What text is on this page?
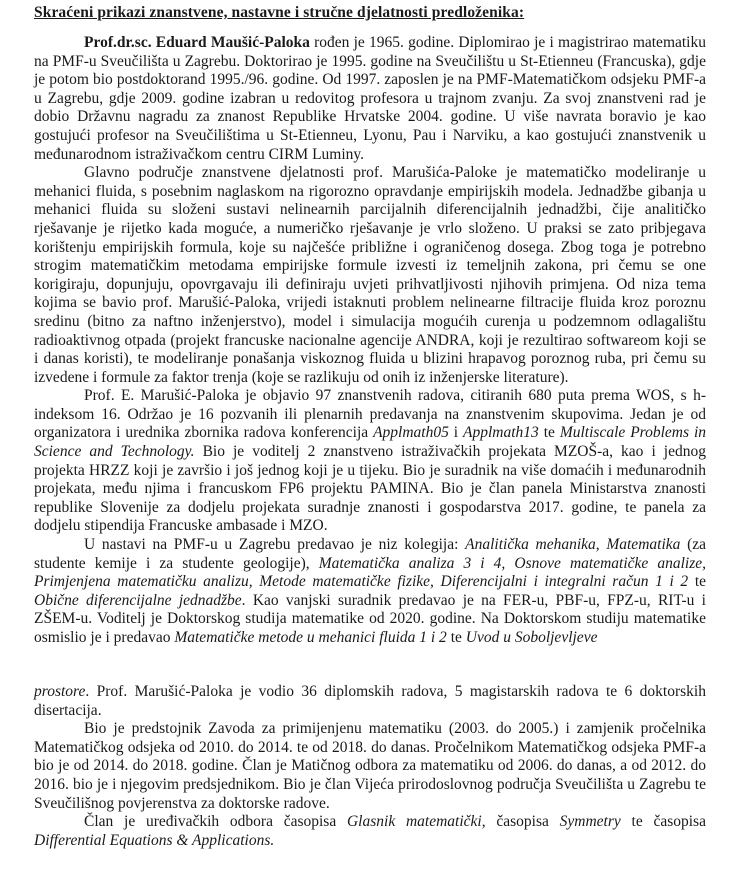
Skraćeni prikazi znanstvene, nastavne i stručne djelatnosti predloženika:

Prof.dr.sc. Eduard Maušić-Paloka rođen je 1965. godine. Diplomirao je i magistrirao matematiku na PMF-u Sveučilišta u Zagrebu. Doktorirao je 1995. godine na Sveučilištu u St-Etienneu (Francuska), gdje je potom bio postdoktorand 1995./96. godine. Od 1997. zaposlen je na PMF-Matematičkom odsjeku PMF-a u Zagrebu, gdje 2009. godine izabran u redovitog profesora u trajnom zvanju. Za svoj znanstveni rad je dobio Državnu nagradu za znanost Republike Hrvatske 2004. godine. U više navrata boravio je kao gostujući profesor na Sveučilištima u St-Etienneu, Lyonu, Pau i Narviku, a kao gostujući znanstvenik u međunarodnom istraživačkom centru CIRM Luminy.

Glavno područje znanstvene djelatnosti prof. Marušića-Paloke je matematičko modeliranje u mehanici fluida, s posebnim naglaskom na rigorozno opravdanje empirijskih modela. Jednadžbe gibanja u mehanici fluida su složeni sustavi nelinearnih parcijalnih diferencijalnih jednadžbi, čije analitičko rješavanje je rijetko kada moguće, a numeričko rješavanje je vrlo složeno. U praksi se zato pribjegava korištenju empirijskih formula, koje su najčešće približne i ograničenog dosega. Zbog toga je potrebno strogim matematičkim metodama empirijske formule izvesti iz temeljnih zakona, pri čemu se one korigiraju, dopunjuju, opovrgavaju ili definiraju uvjeti prihvatljivosti njihovih primjena. Od niza tema kojima se bavio prof. Marušić-Paloka, vrijedi istaknuti problem nelinearne filtracije fluida kroz poroznu sredinu (bitno za naftno inženjerstvo), model i simulacija mogućih curenja u podzemnom odlagalištu radioaktivnog otpada (projekt francuske nacionalne agencije ANDRA, koji je rezultirao softwareom koji se i danas koristi), te modeliranje ponašanja viskoznog fluida u blizini hrapavog poroznog ruba, pri čemu su izvedene i formule za faktor trenja (koje se razlikuju od onih iz inženjerske literature).

Prof. E. Marušić-Paloka je objavio 97 znanstvenih radova, citiranih 680 puta prema WOS, s h-indeksom 16. Održao je 16 pozvanih ili plenarnih predavanja na znanstvenim skupovima. Jedan je od organizatora i urednika zbornika radova konferencija Applmath05 i Applmath13 te Multiscale Problems in Science and Technology. Bio je voditelj 2 znanstveno istraživačkih projekata MZOŠ-a, kao i jednog projekta HRZZ koji je završio i još jednog koji je u tijeku. Bio je suradnik na više domaćih i međunarodnih projekata, među njima i francuskom FP6 projektu PAMINA. Bio je član panela Ministarstva znanosti republike Slovenije za dodjelu projekata suradnje znanosti i gospodarstva 2017. godine, te panela za dodjelu stipendija Francuske ambasade i MZO.

U nastavi na PMF-u u Zagrebu predavao je niz kolegija: Analitička mehanika, Matematika (za studente kemije i za studente geologije), Matematička analiza 3 i 4, Osnove matematičke analize, Primjenjena matematičku analizu, Metode matematičke fizike, Diferencijalni i integralni račun 1 i 2 te Obične diferencijalne jednadžbe. Kao vanjski suradnik predavao je na FER-u, PBF-u, FPZ-u, RIT-u i ZŠEM-u. Voditelj je Doktorskog studija matematike od 2020. godine. Na Doktorskom studiju matematike osmislio je i predavao Matematičke metode u mehanici fluida 1 i 2 te Uvod u Soboljevljeve

prostore. Prof. Marušić-Paloka je vodio 36 diplomskih radova, 5 magistarskih radova te 6 doktorskih disertacija.

Bio je predstojnik Zavoda za primijenjenu matematiku (2003. do 2005.) i zamjenik pročelnika Matematičkog odsjeka od 2010. do 2014. te od 2018. do danas. Pročelnikom Matematičkog odsjeka PMF-a bio je od 2014. do 2018. godine. Član je Matičnog odbora za matematiku od 2006. do danas, a od 2012. do 2016. bio je i njegovim predsjednikom. Bio je član Vijeća prirodoslovnog područja Sveučilišta u Zagrebu te Sveučilišnog povjerenstva za doktorske radove.

Član je uređivačkih odbora časopisa Glasnik matematički, časopisa Symmetry te časopisa Differential Equations & Applications.
